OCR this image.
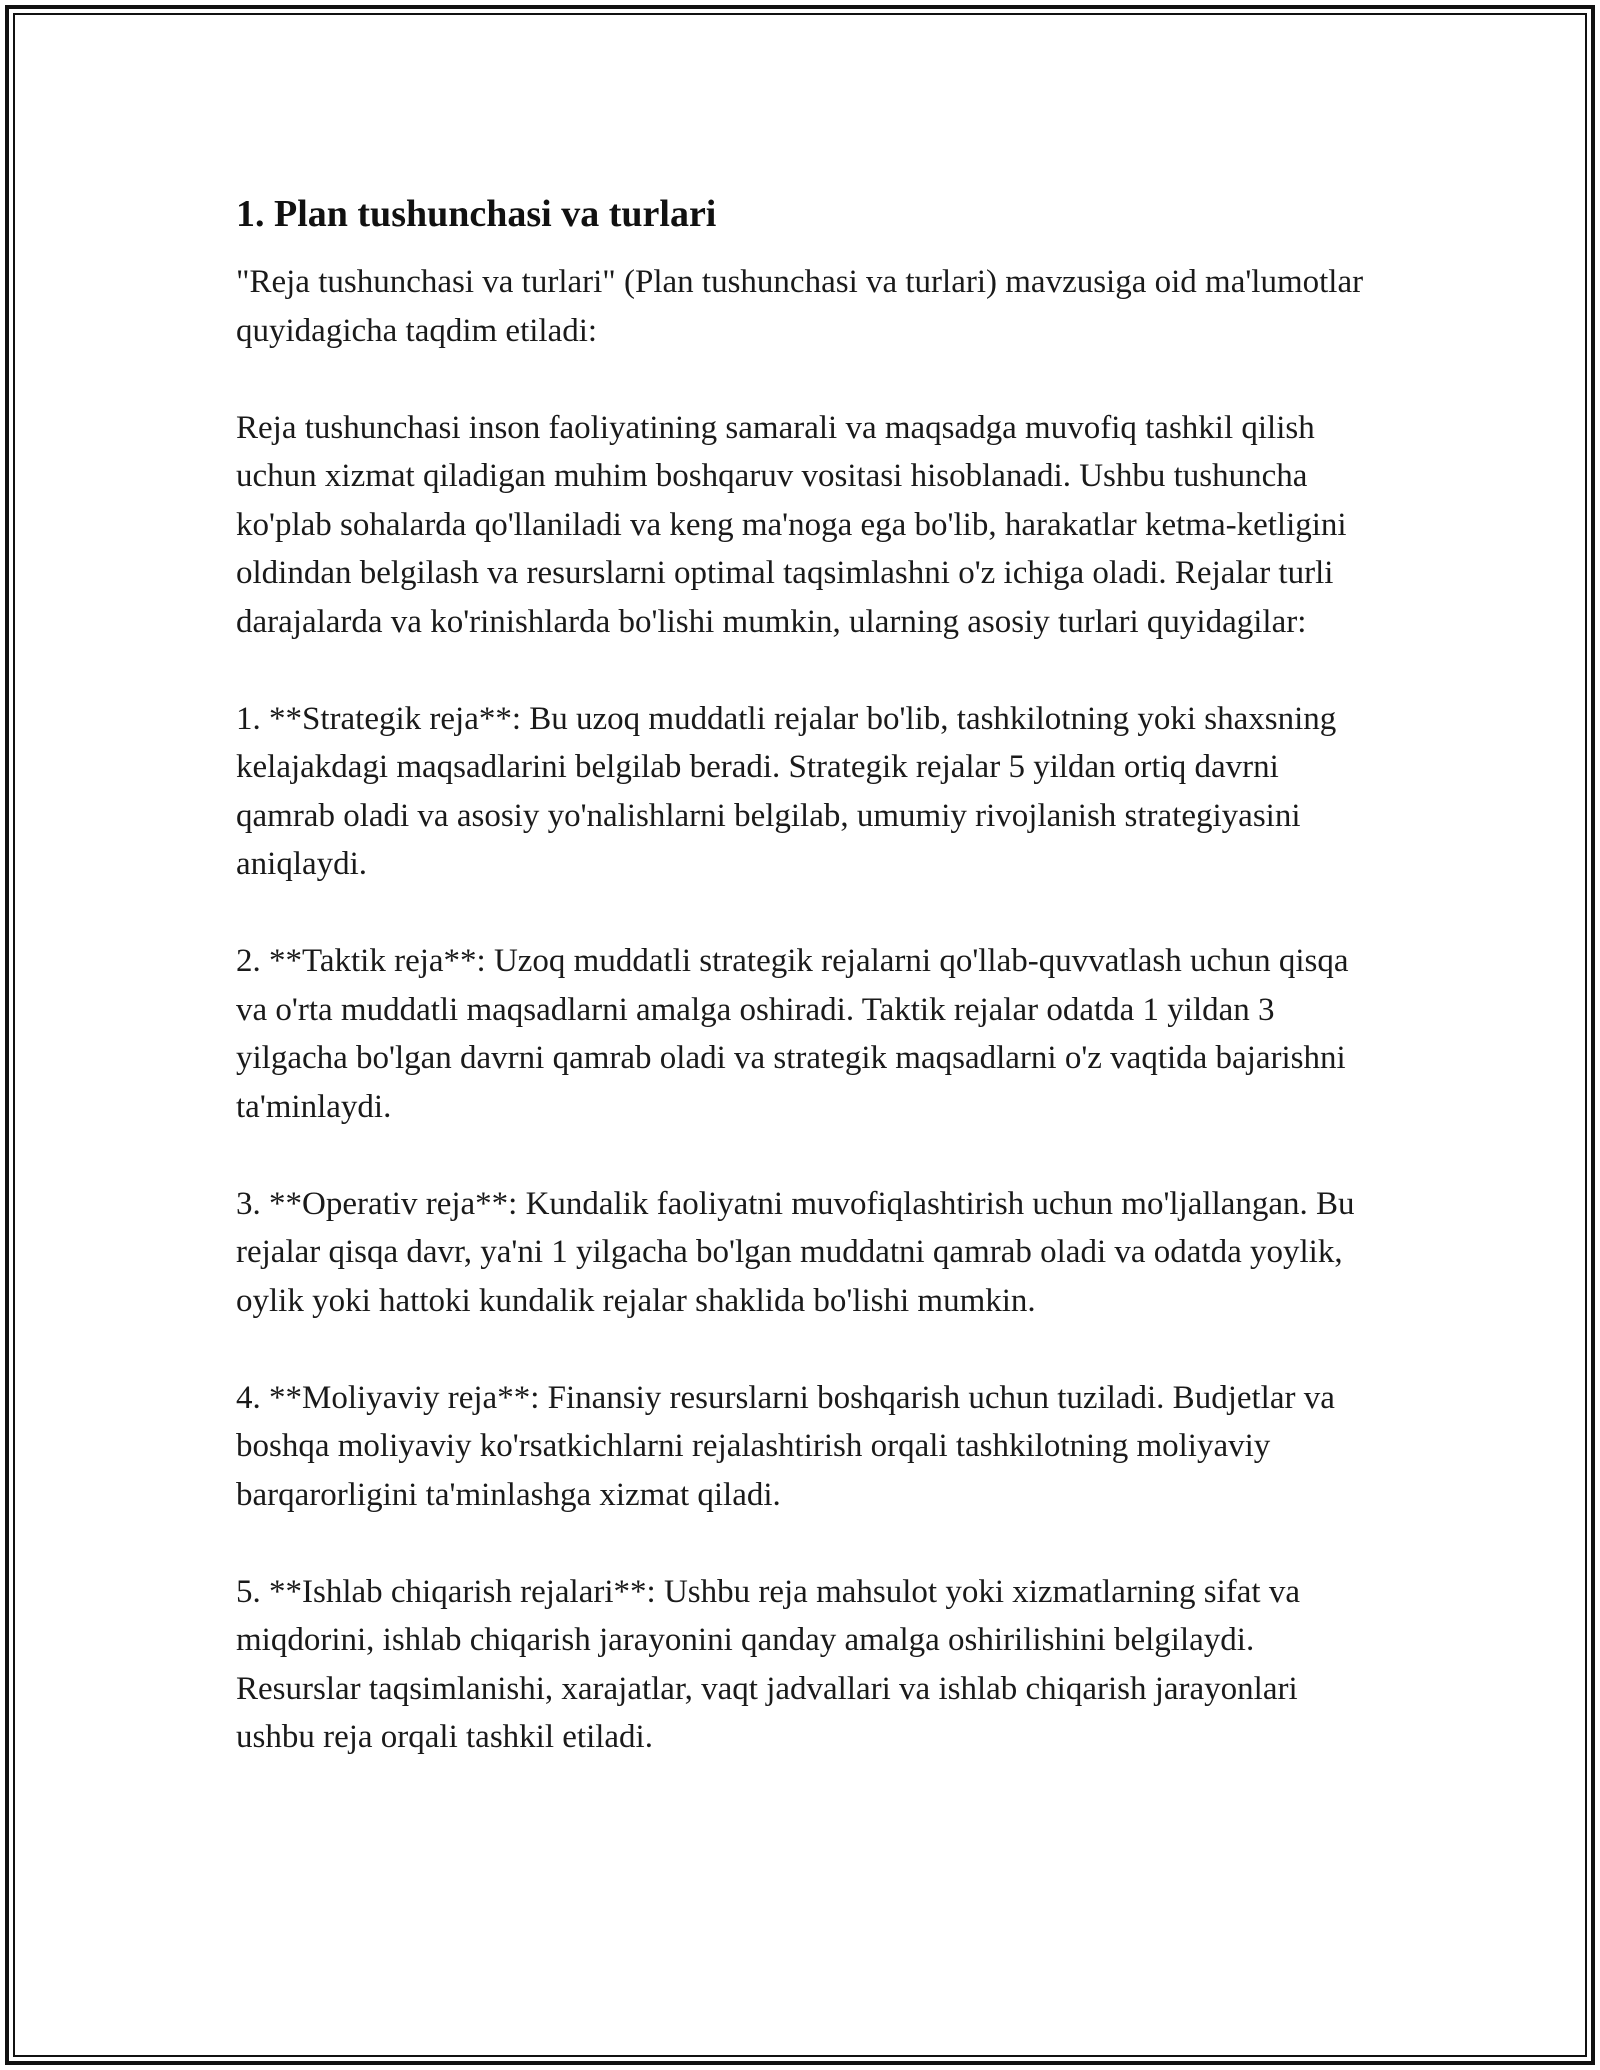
1. Plan tushunchasi va turlari

"Reja tushunchasi va turlari" (Plan tushunchasi va turlari) mavzusiga oid ma'lumotlar quyidagicha taqdim etiladi:

Reja tushunchasi inson faoliyatining samarali va maqsadga muvofiq tashkil qilish uchun xizmat qiladigan muhim boshqaruv vositasi hisoblanadi. Ushbu tushuncha ko'plab sohalarda qo'llaniladi va keng ma'noga ega bo'lib, harakatlar ketma-ketligini oldindan belgilash va resurslarni optimal taqsimlashni o'z ichiga oladi. Rejalar turli darajalarda va ko'rinishlarda bo'lishi mumkin, ularning asosiy turlari quyidagilar:

1. **Strategik reja**: Bu uzoq muddatli rejalar bo'lib, tashkilotning yoki shaxsning kelajakdagi maqsadlarini belgilab beradi. Strategik rejalar 5 yildan ortiq davrni qamrab oladi va asosiy yo'nalishlarni belgilab, umumiy rivojlanish strategiyasini aniqlaydi.

2. **Taktik reja**: Uzoq muddatli strategik rejalarni qo'llab-quvvatlash uchun qisqa va o'rta muddatli maqsadlarni amalga oshiradi. Taktik rejalar odatda 1 yildan 3 yilgacha bo'lgan davrni qamrab oladi va strategik maqsadlarni o'z vaqtida bajarishni ta'minlaydi.

3. **Operativ reja**: Kundalik faoliyatni muvofiqlashtirish uchun mo'ljallangan. Bu rejalar qisqa davr, ya'ni 1 yilgacha bo'lgan muddatni qamrab oladi va odatda yoylik, oylik yoki hattoki kundalik rejalar shaklida bo'lishi mumkin.

4. **Moliyaviy reja**: Finansiy resurslarni boshqarish uchun tuziladi. Budjetlar va boshqa moliyaviy ko'rsatkichlarni rejalashtirish orqali tashkilotning moliyaviy barqarorligini ta'minlashga xizmat qiladi.

5. **Ishlab chiqarish rejalari**: Ushbu reja mahsulot yoki xizmatlarning sifat va miqdorini, ishlab chiqarish jarayonini qanday amalga oshirilishini belgilaydi. Resurslar taqsimlanishi, xarajatlar, vaqt jadvallari va ishlab chiqarish jarayonlari ushbu reja orqali tashkil etiladi.
